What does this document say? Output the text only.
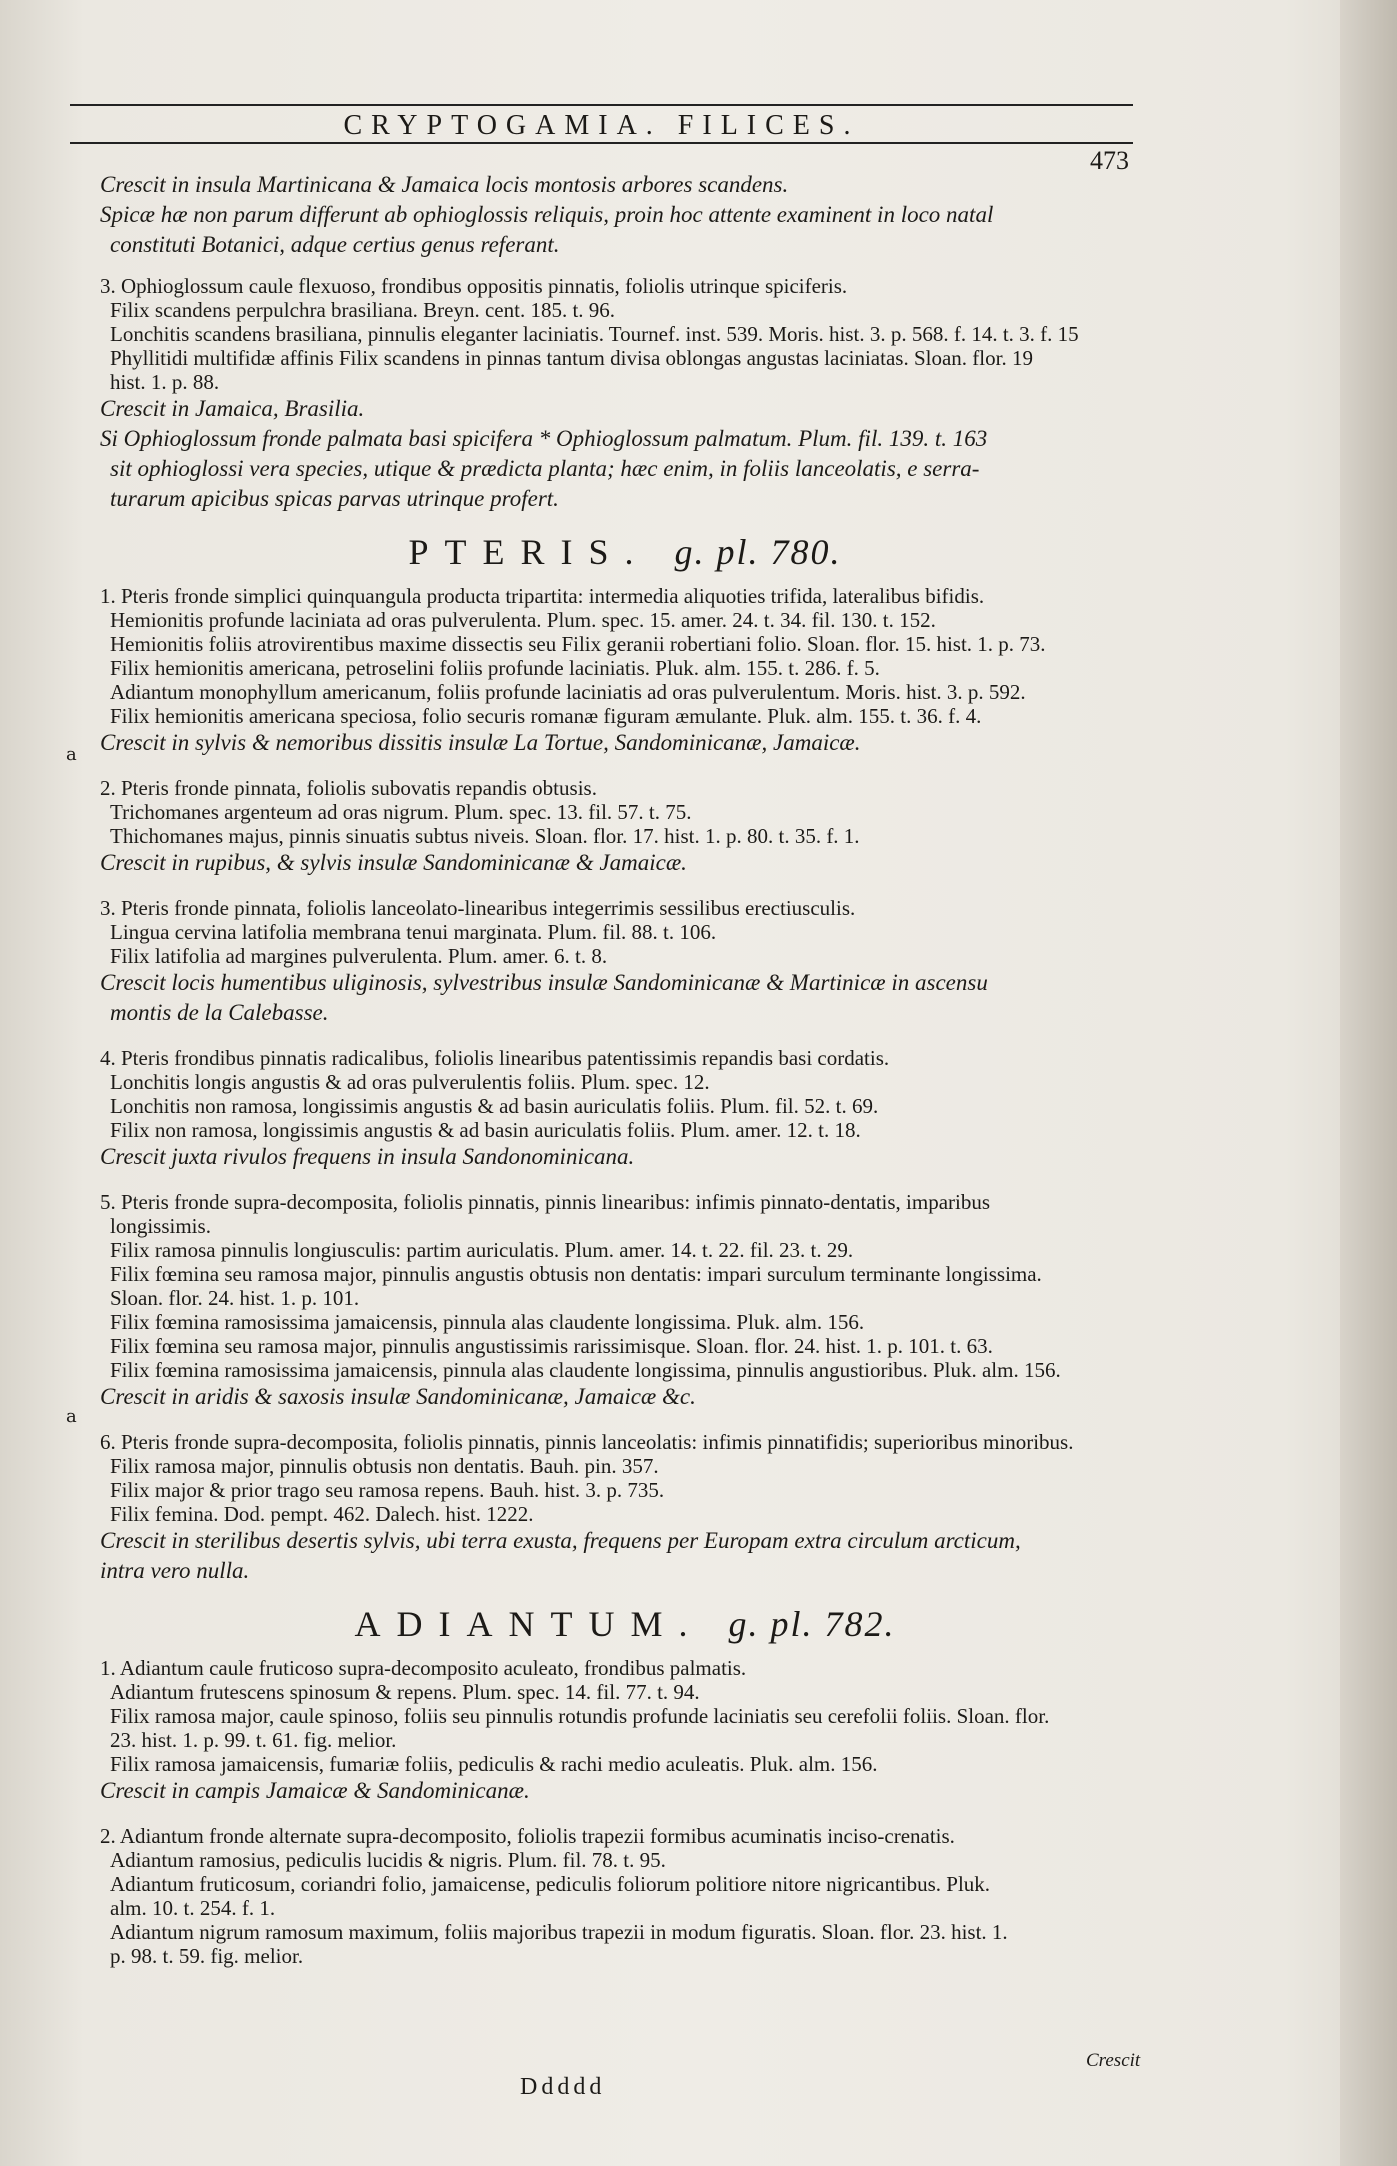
CRYPTOGAMIA. FILICES.
473
a
a

Crescit in insula Martinicana & Jamaica locis montosis arbores scandens.

Spicæ hæ non parum differunt ab ophioglossis reliquis, proin hoc attente examinent in loco natal

constituti Botanici, adque certius genus referant.

3. Ophioglossum caule flexuoso, frondibus oppositis pinnatis, foliolis utrinque spiciferis.

Filix scandens perpulchra brasiliana. Breyn. cent. 185. t. 96.

Lonchitis scandens brasiliana, pinnulis eleganter laciniatis. Tournef. inst. 539. Moris. hist. 3. p. 568. f. 14. t. 3. f. 15

Phyllitidi multifidæ affinis Filix scandens in pinnas tantum divisa oblongas angustas laciniatas. Sloan. flor. 19

hist. 1. p. 88.

Crescit in Jamaica, Brasilia.

Si Ophioglossum fronde palmata basi spicifera * Ophioglossum palmatum. Plum. fil. 139. t. 163

sit ophioglossi vera species, utique & prædicta planta; hæc enim, in foliis lanceolatis, e serra-

turarum apicibus spicas parvas utrinque profert.

PTERIS. g. pl. 780.

1. Pteris fronde simplici quinquangula producta tripartita: intermedia aliquoties trifida, lateralibus bifidis.

Hemionitis profunde laciniata ad oras pulverulenta. Plum. spec. 15. amer. 24. t. 34. fil. 130. t. 152.

Hemionitis foliis atrovirentibus maxime dissectis seu Filix geranii robertiani folio. Sloan. flor. 15. hist. 1. p. 73.

Filix hemionitis americana, petroselini foliis profunde laciniatis. Pluk. alm. 155. t. 286. f. 5.

Adiantum monophyllum americanum, foliis profunde laciniatis ad oras pulverulentum. Moris. hist. 3. p. 592.

Filix hemionitis americana speciosa, folio securis romanæ figuram æmulante. Pluk. alm. 155. t. 36. f. 4.

Crescit in sylvis & nemoribus dissitis insulæ La Tortue, Sandominicanæ, Jamaicæ.

2. Pteris fronde pinnata, foliolis subovatis repandis obtusis.

Trichomanes argenteum ad oras nigrum. Plum. spec. 13. fil. 57. t. 75.

Thichomanes majus, pinnis sinuatis subtus niveis. Sloan. flor. 17. hist. 1. p. 80. t. 35. f. 1.

Crescit in rupibus, & sylvis insulæ Sandominicanæ & Jamaicæ.

3. Pteris fronde pinnata, foliolis lanceolato-linearibus integerrimis sessilibus erectiusculis.

Lingua cervina latifolia membrana tenui marginata. Plum. fil. 88. t. 106.

Filix latifolia ad margines pulverulenta. Plum. amer. 6. t. 8.

Crescit locis humentibus uliginosis, sylvestribus insulæ Sandominicanæ & Martinicæ in ascensu

montis de la Calebasse.

4. Pteris frondibus pinnatis radicalibus, foliolis linearibus patentissimis repandis basi cordatis.

Lonchitis longis angustis & ad oras pulverulentis foliis. Plum. spec. 12.

Lonchitis non ramosa, longissimis angustis & ad basin auriculatis foliis. Plum. fil. 52. t. 69.

Filix non ramosa, longissimis angustis & ad basin auriculatis foliis. Plum. amer. 12. t. 18.

Crescit juxta rivulos frequens in insula Sandonominicana.

5. Pteris fronde supra-decomposita, foliolis pinnatis, pinnis linearibus: infimis pinnato-dentatis, imparibus

longissimis.

Filix ramosa pinnulis longiusculis: partim auriculatis. Plum. amer. 14. t. 22. fil. 23. t. 29.

Filix fœmina seu ramosa major, pinnulis angustis obtusis non dentatis: impari surculum terminante longissima.

Sloan. flor. 24. hist. 1. p. 101.

Filix fœmina ramosissima jamaicensis, pinnula alas claudente longissima. Pluk. alm. 156.

Filix fœmina seu ramosa major, pinnulis angustissimis rarissimisque. Sloan. flor. 24. hist. 1. p. 101. t. 63.

Filix fœmina ramosissima jamaicensis, pinnula alas claudente longissima, pinnulis angustioribus. Pluk. alm. 156.

Crescit in aridis & saxosis insulæ Sandominicanæ, Jamaicæ &c.

6. Pteris fronde supra-decomposita, foliolis pinnatis, pinnis lanceolatis: infimis pinnatifidis; superioribus minoribus.

Filix ramosa major, pinnulis obtusis non dentatis. Bauh. pin. 357.

Filix major & prior trago seu ramosa repens. Bauh. hist. 3. p. 735.

Filix femina. Dod. pempt. 462. Dalech. hist. 1222.

Crescit in sterilibus desertis sylvis, ubi terra exusta, frequens per Europam extra circulum arcticum,

intra vero nulla.

ADIANTUM. g. pl. 782.

1. Adiantum caule fruticoso supra-decomposito aculeato, frondibus palmatis.

Adiantum frutescens spinosum & repens. Plum. spec. 14. fil. 77. t. 94.

Filix ramosa major, caule spinoso, foliis seu pinnulis rotundis profunde laciniatis seu cerefolii foliis. Sloan. flor.

23. hist. 1. p. 99. t. 61. fig. melior.

Filix ramosa jamaicensis, fumariæ foliis, pediculis & rachi medio aculeatis. Pluk. alm. 156.

Crescit in campis Jamaicæ & Sandominicanæ.

2. Adiantum fronde alternate supra-decomposito, foliolis trapezii formibus acuminatis inciso-crenatis.

Adiantum ramosius, pediculis lucidis & nigris. Plum. fil. 78. t. 95.

Adiantum fruticosum, coriandri folio, jamaicense, pediculis foliorum politiore nitore nigricantibus. Pluk.

alm. 10. t. 254. f. 1.

Adiantum nigrum ramosum maximum, foliis majoribus trapezii in modum figuratis. Sloan. flor. 23. hist. 1.

p. 98. t. 59. fig. melior.

Crescit
Ddddd
